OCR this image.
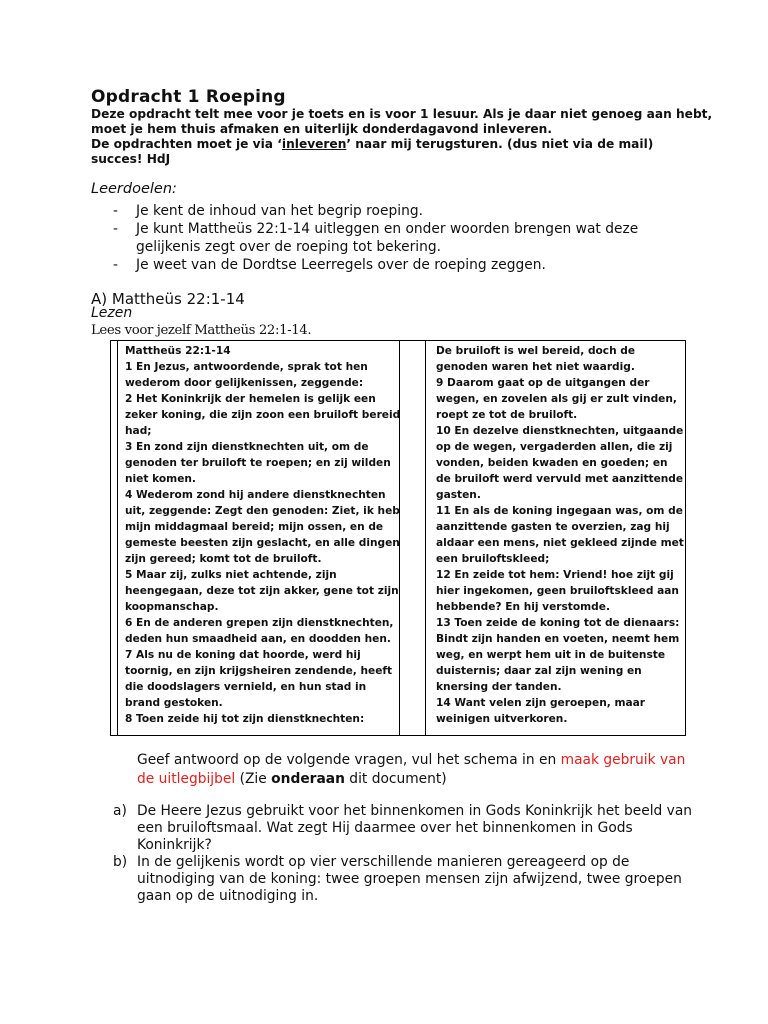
Opdracht 1 Roeping
Deze opdracht telt mee voor je toets en is voor 1 lesuur. Als je daar niet genoeg aan hebt,
moet je hem thuis afmaken en uiterlijk donderdagavond inleveren.
De opdrachten moet je via ‘inleveren’ naar mij terugsturen. (dus niet via de mail)
succes! HdJ
Leerdoelen:
-	Je kent de inhoud van het begrip roeping.
-	Je kunt Mattheüs 22:1-14 uitleggen en onder woorden brengen wat deze gelijkenis zegt over de roeping tot bekering.
-	Je weet van de Dordtse Leerregels over de roeping zeggen.
A) Mattheüs 22:1-14
Lezen
Lees voor jezelf Mattheüs 22:1-14.
Mattheüs 22:1-14
1 En Jezus, antwoordende, sprak tot hen
wederom door gelijkenissen, zeggende:
2 Het Koninkrijk der hemelen is gelijk een
zeker koning, die zijn zoon een bruiloft bereid
had;
3 En zond zijn dienstknechten uit, om de
genoden ter bruiloft te roepen; en zij wilden
niet komen.
4 Wederom zond hij andere dienstknechten
uit, zeggende: Zegt den genoden: Ziet, ik heb
mijn middagmaal bereid; mijn ossen, en de
gemeste beesten zijn geslacht, en alle dingen
zijn gereed; komt tot de bruiloft.
5 Maar zij, zulks niet achtende, zijn
heengegaan, deze tot zijn akker, gene tot zijn
koopmanschap.
6 En de anderen grepen zijn dienstknechten,
deden hun smaadheid aan, en doodden hen.
7 Als nu de koning dat hoorde, werd hij
toornig, en zijn krijgsheiren zendende, heeft
die doodslagers vernield, en hun stad in
brand gestoken.
8 Toen zeide hij tot zijn dienstknechten:
De bruiloft is wel bereid, doch de
genoden waren het niet waardig.
9 Daarom gaat op de uitgangen der
wegen, en zovelen als gij er zult vinden,
roept ze tot de bruiloft.
10 En dezelve dienstknechten, uitgaande
op de wegen, vergaderden allen, die zij
vonden, beiden kwaden en goeden; en
de bruiloft werd vervuld met aanzittende
gasten.
11 En als de koning ingegaan was, om de
aanzittende gasten te overzien, zag hij
aldaar een mens, niet gekleed zijnde met
een bruiloftskleed;
12 En zeide tot hem: Vriend! hoe zijt gij
hier ingekomen, geen bruiloftskleed aan
hebbende? En hij verstomde.
13 Toen zeide de koning tot de dienaars:
Bindt zijn handen en voeten, neemt hem
weg, en werpt hem uit in de buitenste
duisternis; daar zal zijn wening en
knersing der tanden.
14 Want velen zijn geroepen, maar
weinigen uitverkoren.
Geef antwoord op de volgende vragen, vul het schema in en maak gebruik van de uitlegbijbel (Zie onderaan dit document)
a) De Heere Jezus gebruikt voor het binnenkomen in Gods Koninkrijk het beeld van een bruiloftsmaal. Wat zegt Hij daarmee over het binnenkomen in Gods Koninkrijk?
b) In de gelijkenis wordt op vier verschillende manieren gereageerd op de uitnodiging van de koning: twee groepen mensen zijn afwijzend, twee groepen gaan op de uitnodiging in.
